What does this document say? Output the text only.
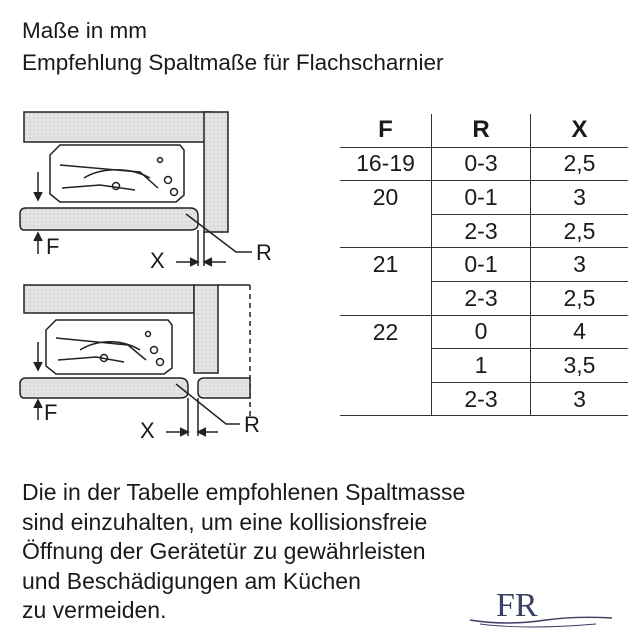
Maße in mm
Empfehlung Spaltmaße für Flachscharnier
F
X	R
F
X	R
F	R	X
16-19	0-3	2,5
20	0-1	3
	2-3	2,5
21	0-1	3
	2-3	2,5
22	0	4
	1	3,5
	2-3	3
Die in der Tabelle empfohlenen Spaltmasse
sind einzuhalten, um eine kollisionsfreie
Öffnung der Gerätetür zu gewährleisten
und Beschädigungen am Küchen
zu vermeiden.	FR
